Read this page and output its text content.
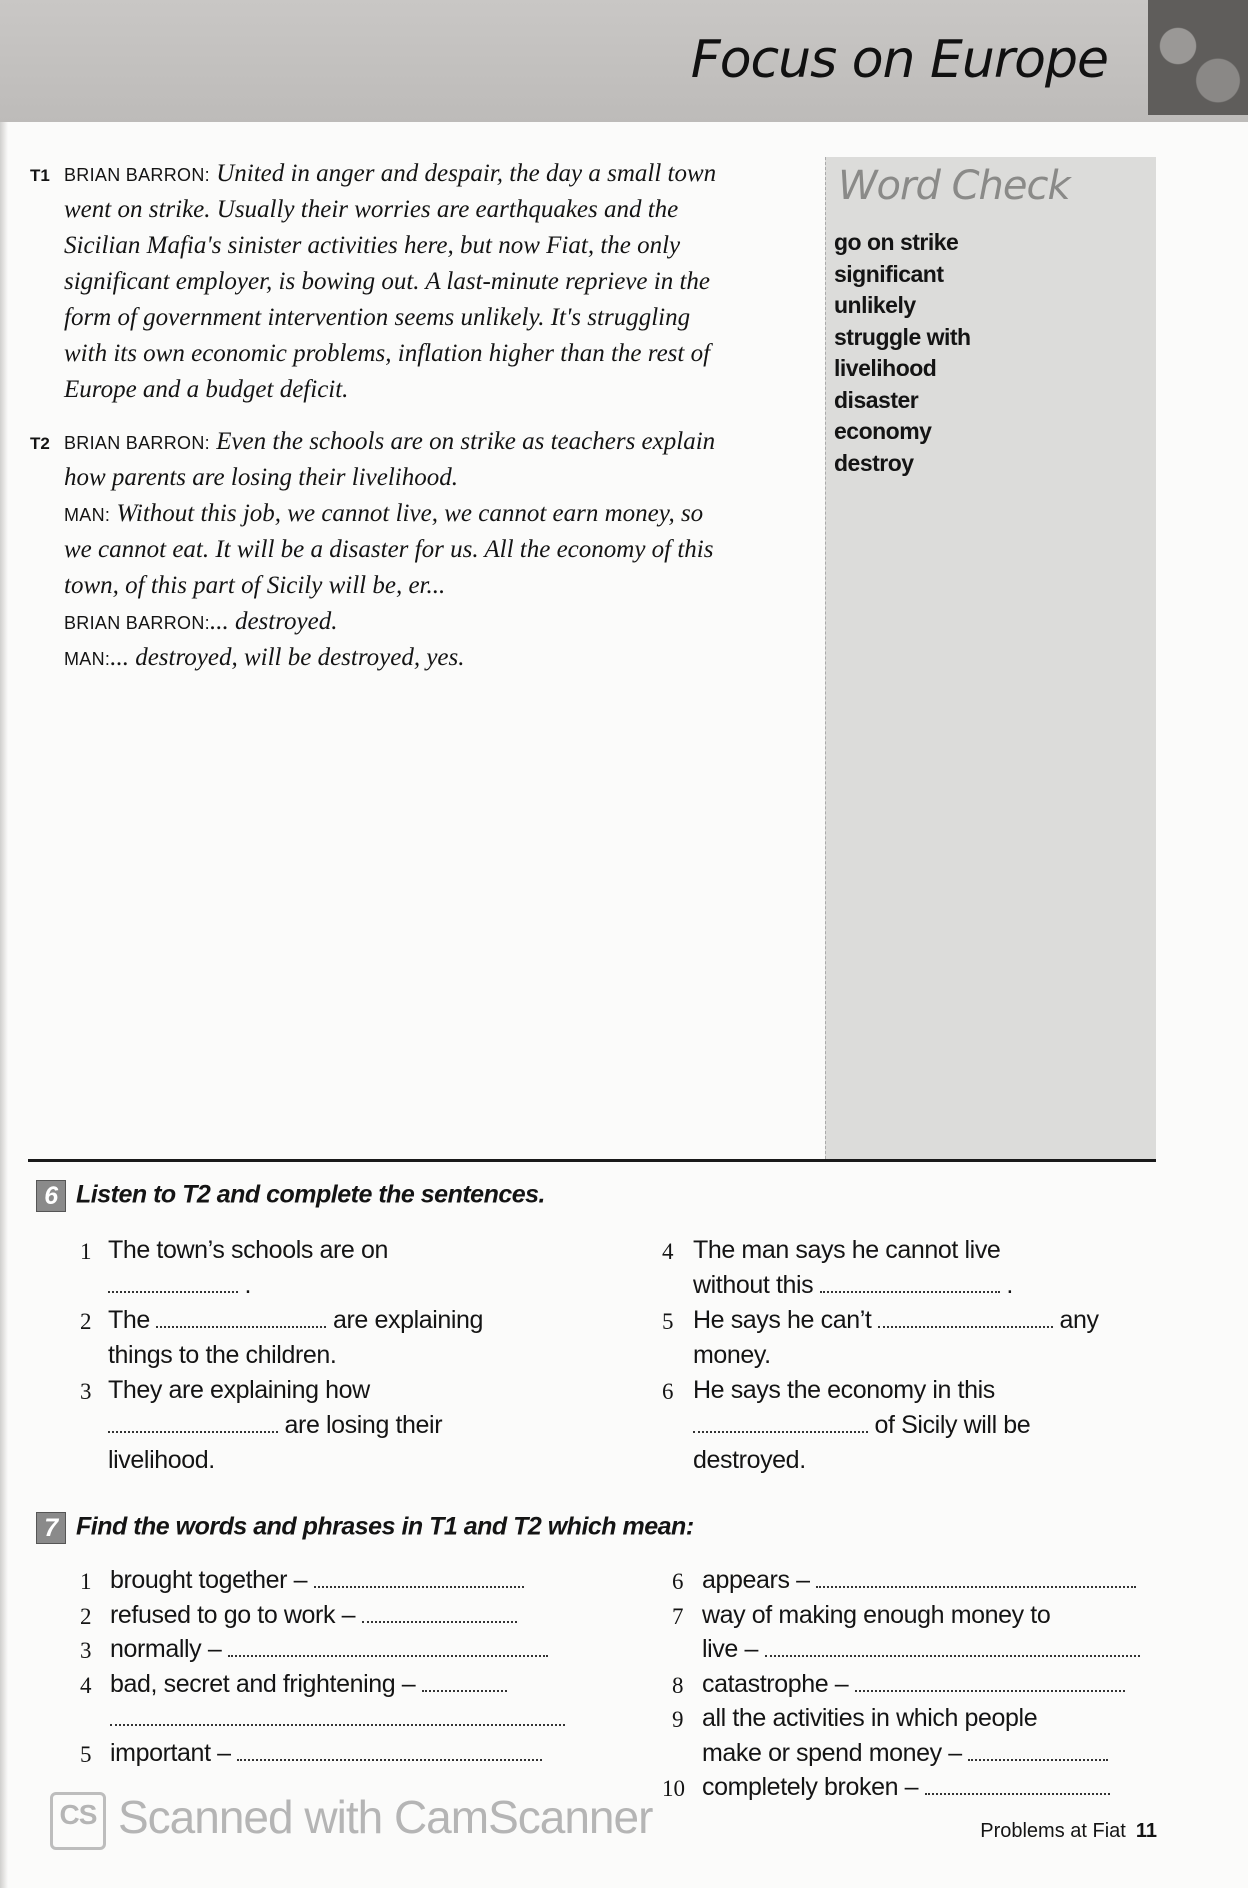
Focus on Europe
T1 BRIAN BARRON: United in anger and despair, the day a small town
went on strike. Usually their worries are earthquakes and the
Sicilian Mafia's sinister activities here, but now Fiat, the only
significant employer, is bowing out. A last-minute reprieve in the
form of government intervention seems unlikely. It's struggling
with its own economic problems, inflation higher than the rest of
Europe and a budget deficit.
T2 BRIAN BARRON: Even the schools are on strike as teachers explain
how parents are losing their livelihood.
MAN: Without this job, we cannot live, we cannot earn money, so
we cannot eat. It will be a disaster for us. All the economy of this
town, of this part of Sicily will be, er...
BRIAN BARRON:... destroyed.
MAN:... destroyed, will be destroyed, yes.
Word Check
go on strike
significant
unlikely
struggle with
livelihood
disaster
economy
destroy
6 Listen to T2 and complete the sentences.
1 The town’s schools are on
.
2 The	are explaining
things to the children.
3 They are explaining how
are losing their
livelihood.
4 The man says he cannot live
without this	.
5 He says he can’t	any
money.
6 He says the economy in this
of Sicily will be
destroyed.
7 Find the words and phrases in T1 and T2 which mean:
1 brought together –
2 refused to go to work –
3 normally –
4 bad, secret and frightening –
5 important –
6 appears –
7 way of making enough money to
live –
8 catastrophe –
9 all the activities in which people
make or spend money –
10 completely broken –
CS Scanned with CamScanner	Problems at Fiat 11
